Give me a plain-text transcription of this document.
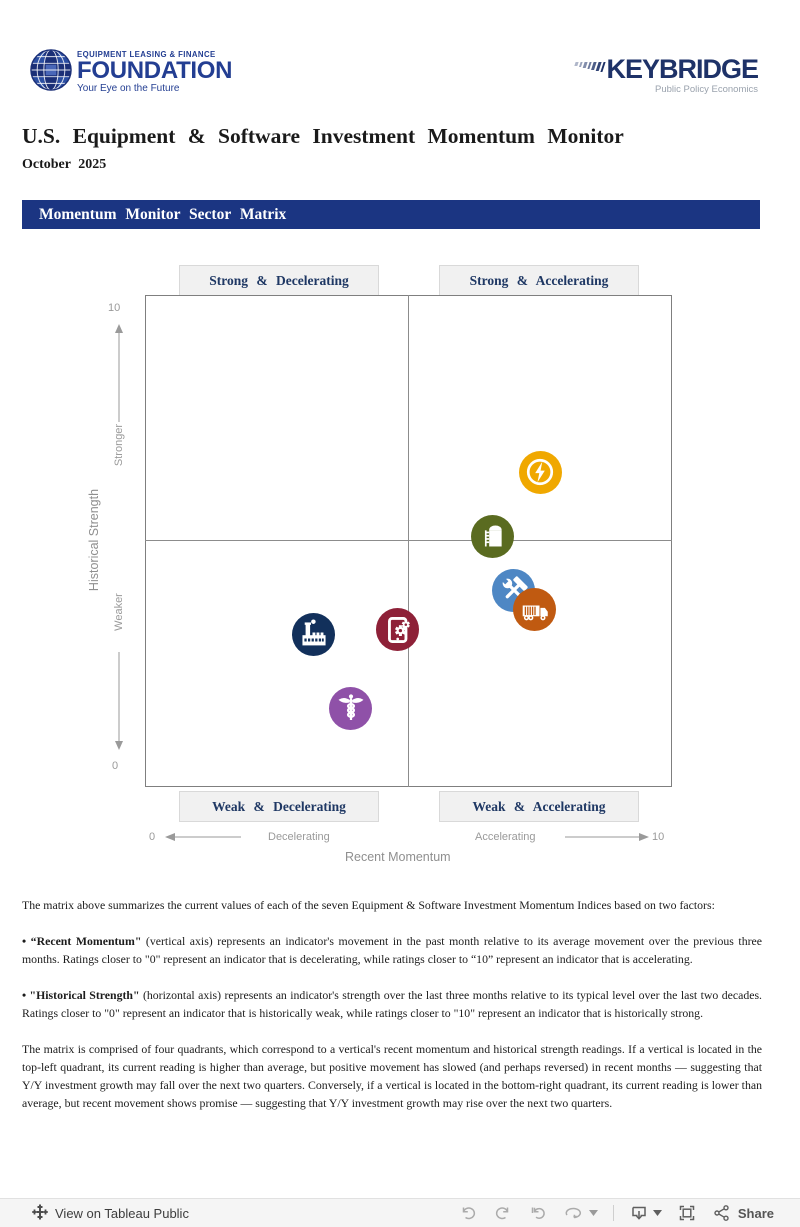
EQUIPMENT LEASING & FINANCE
FOUNDATION
Your Eye on the Future
KEYBRIDGE
Public Policy Economics
U.S. Equipment & Software Investment Momentum Monitor
October 2025
Momentum Monitor Sector Matrix
Strong & Decelerating	Strong & Accelerating
Weak & Decelerating	Weak & Accelerating
10
0
Stronger
Weaker
Historical Strength
0	Decelerating	Accelerating	10
Recent Momentum

The matrix above summarizes the current values of each of the seven Equipment & Software Investment Momentum Indices based on two factors:

• “Recent Momentum" (vertical axis) represents an indicator's movement in the past month relative to its average movement over the previous three months. Ratings closer to "0" represent an indicator that is decelerating, while ratings closer to “10” represent an indicator that is accelerating.

• "Historical Strength" (horizontal axis) represents an indicator's strength over the last three months relative to its typical level over the last two decades. Ratings closer to "0" represent an indicator that is historically weak, while ratings closer to "10" represent an indicator that is historically strong.

The matrix is comprised of four quadrants, which correspond to a vertical's recent momentum and historical strength readings. If a vertical is located in the top-left quadrant, its current reading is higher than average, but positive movement has slowed (and perhaps reversed) in recent months — suggesting that Y/Y investment growth may fall over the next two quarters. Conversely, if a vertical is located in the bottom-right quadrant, its current reading is lower than average, but recent movement shows promise — suggesting that Y/Y investment growth may rise over the next two quarters.

View on Tableau Public	Share
